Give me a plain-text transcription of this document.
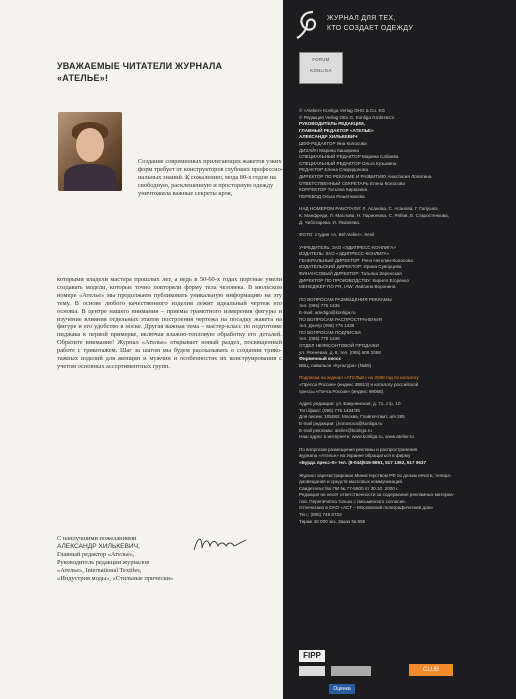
УВАЖАЕМЫЕ ЧИТАТЕЛИ ЖУРНАЛА «АТЕЛЬЕ»!
Создание современных прилегающих жакетов узких форм требует от конструкторов глубоких профессиональных знаний. К сожалению, мода 80-х годов на свободную, расклешенную и просторную одежду уничтожила важные секреты кроя,
которыми владели мастера прошлых лет, а ведь в 50-60-х годах портные умели создавать модели, которые точно повторяли форму тела человека. В июльском номере «Ателье» мы продолжаем публиковать уникальную информацию на эту тему. В основе любого качественного изделия лежит идеальный чертеж его основы. В центре нашего внимания – приемы грамотного измерения фигуры и изучение влияния отдельных этапов построения чертежа на посадку жакета на фигуре и его удобство в носке. Другая важная тема – мастер-класс по подготовке пиджака к первой примерке, включая влажно-тепловую обработку его деталей. Обратите внимание! Журнал «Ателье» открывает новый раздел, посвященный работе с трикотажем. Шаг за шагом мы будем рассказывать о создании трикотажных изделий для женщин и мужчин и особенностях их конструирования с учетом основных ассортиментных групп.
С наилучшими пожеланиями
АЛЕКСАНДР ХИЛЬКЕВИЧ,
Главный редактор «Ателье»,
Руководитель редакции журналов
«Ателье», International Textiles,
«Индустрия моды», «Стильные прически»
ЖУРНАЛ ДЛЯ ТЕХ,
КТО СОЗДАЕТ ОДЕЖДУ
FORUM
KONLIGA
© «Atelier» Konliga Verlag OHG & Co. KG
© Редакция Verlag Otto G. Konliga GmbH&Co
РУКОВОДИТЕЛЬ РЕДАКЦИИ,
ГЛАВНЫЙ РЕДАКТОР «АТЕЛЬЕ»
АЛЕКСАНДР ХИЛЬКЕВИЧ
ШЕФ-РЕДАКТОР Яна Колосова
ДИЗАЙН Марина Каширина
СПЕЦИАЛЬНЫЙ РЕДАКТОР Марина Сабаева
СПЕЦИАЛЬНЫЙ РЕДАКТОР Ольга Кузьмина
РЕДАКТОР Елена Спиридонова
ДИРЕКТОР ПО РЕКЛАМЕ И РАЗВИТИЮ Анастасия Лопатина
ОТВЕТСТВЕННЫЙ СЕКРЕТАРЬ Елена Колосова
КОРРЕКТОР Татьяна Кирюхина
ПЕРЕВОД Ольга Решетникова
НАД НОМЕРОМ РАБОТАЛИ: Л. Асанова, С. Асанова, Г. Галушко,
К. Манфреди, Л. Маслова, Н. Ларионова, С. Рябов, Е. Старостенкова,
Д. Чеботарева, И. Яковлева.
ФОТО: студия «A. Bel'Atelier», Sevil
УЧРЕДИТЕЛЬ: ЗАО «ЭДИПРЕСС-КОНЛИГА»
ИЗДАТЕЛЬ: ЗАО «ЭДИПРЕСС-КОНЛИГА»
ГЕНЕРАЛЬНЫЙ ДИРЕКТОР: Ренэ Негелин-Колосова
ИЗДАТЕЛЬСКИЙ ДИРЕКТОР: Ирина Суворцева
ФИНАНСОВЫЙ ДИРЕКТОР: Татьяна Зеренская
ДИРЕКТОР ПО ПРОИЗВОДСТВУ: Кирилл Егоренко
МЕНЕДЖЕР ПО PR, IAW: Лайсина Воронина
ПО ВОПРОСАМ РАЗМЕЩЕНИЯ РЕКЛАМЫ
тел. (095) 775 1435
E-mail: adedigo@konliga.ru
ПО ВОПРОСАМ РАСПРОСТРАНЕНИЯ
тел. Днепр (095) 775 1435
ПО ВОПРОСАМ ПОДПИСКИ
тел. (095) 775 1436
ОТДЕЛ НЕЯКСОНТОВОЙ ПРОДАЖИ
ул. Ясеневая, д. 8, тел. (095) 609 2068
Фирменный киоск
ВВЦ, павильон «Культура» (№65)
Подписка на журнал «АТЕЛЬЕ» на 2008 год по каталогу
«Пресса России» (индекс 38613) и каталогу российской
прессы «Почта России» (индекс 99068).
Адрес редакции: ул. Бакунинская, д. 71, стр. 10
Тел./факс: (095) 775 1434/35
Для писем: 105082, Москва, Главпочтамт, а/я 385
E-mail редакции: j.konosova@konliga.ru
E-mail рекламы: atelier@konliga.ru
Наш адрес в интернете: www.konliga.ru, www.atelier.ru
По вопросам размещения рекламы и распространения
журнала «Ателье» на Украине обращаться в фирму
«Бурда пресс-К» тел. (8-044)516-8691, 517 1362, 517 0637
Журнал зарегистрирован Министерством РФ по делам печати, телера-
диовещания и средств массовых коммуникаций.
Свидетельство ПИ № 77-5900 от 30.10. 2000 г.
Редакция не несет ответственности за содержание рекламных материа-
лов. Перепечатка только с письменного согласия.
Отпечатано в ОАО «АСТ – Московский полиграфический дом»
Тел.: (095) 748 6733
Тираж 40 000 экз. Заказ № 865
FIPP
CLUB
Оценка
